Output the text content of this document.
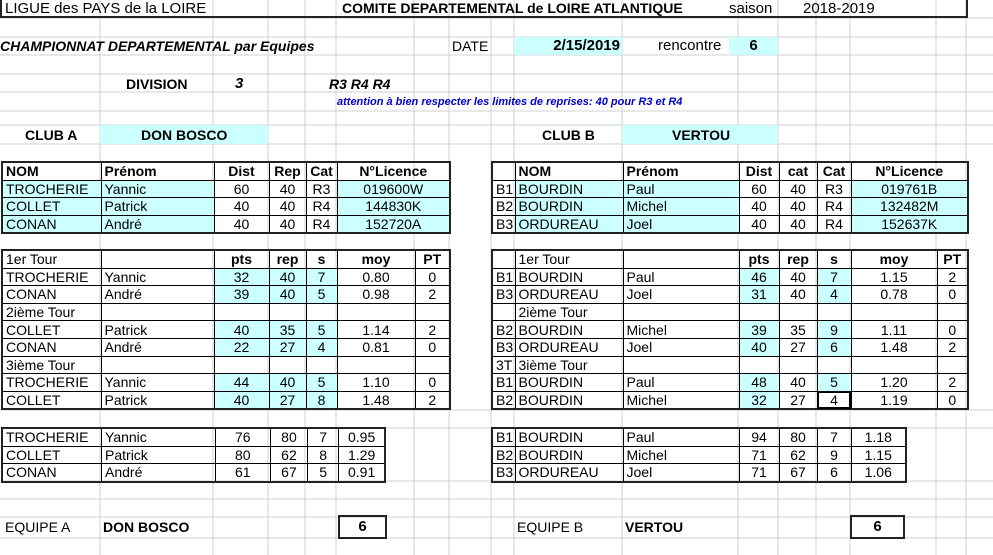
LIGUE des PAYS de la LOIRE	COMITE DEPARTEMENTAL de LOIRE ATLANTIQUE	saison 2018-2019
CHAMPIONNAT DEPARTEMENTAL par Equipes	DATE	2/15/2019	rencontre	6
DIVISION	3	R3 R4 R4
attention à bien respecter les limites de reprises: 40 pour R3 et R4
CLUB A	DON BOSCO	CLUB B	VERTOU
NOM	Prénom	Dist	Rep	Cat	N°Licence
TROCHERIE	Yannic	60	40	R3	019600W
COLLET	Patrick	40	40	R4	144830K
CONAN	André	40	40	R4	152720A
	NOM	Prénom	Dist	cat	Cat	N°Licence
B1	BOURDIN	Paul	60	40	R3	019761B
B2	BOURDIN	Michel	40	40	R4	132482M
B3	ORDUREAU	Joel	40	40	R4	152637K
1er Tour		pts	rep	s	moy	PT
TROCHERIE	Yannic	32	40	7	0.80	0
CONAN	André	39	40	5	0.98	2
2ième Tour						
COLLET	Patrick	40	35	5	1.14	2
CONAN	André	22	27	4	0.81	0
3ième Tour						
TROCHERIE	Yannic	44	40	5	1.10	0
COLLET	Patrick	40	27	8	1.48	2
	1er Tour		pts	rep	s	moy	PT
B1	BOURDIN	Paul	46	40	7	1.15	2
B3	ORDUREAU	Joel	31	40	4	0.78	0
	2ième Tour						
B2	BOURDIN	Michel	39	35	9	1.11	0
B3	ORDUREAU	Joel	40	27	6	1.48	2
3T	3ième Tour						
B1	BOURDIN	Paul	48	40	5	1.20	2
B2	BOURDIN	Michel	32	27	4	1.19	0
TROCHERIE	Yannic	76	80	7	0.95
COLLET	Patrick	80	62	8	1.29
CONAN	André	61	67	5	0.91
B1	BOURDIN	Paul	94	80	7	1.18
B2	BOURDIN	Michel	71	62	9	1.15
B3	ORDUREAU	Joel	71	67	6	1.06
EQUIPE A DON BOSCO	6	EQUIPE B	VERTOU	6
